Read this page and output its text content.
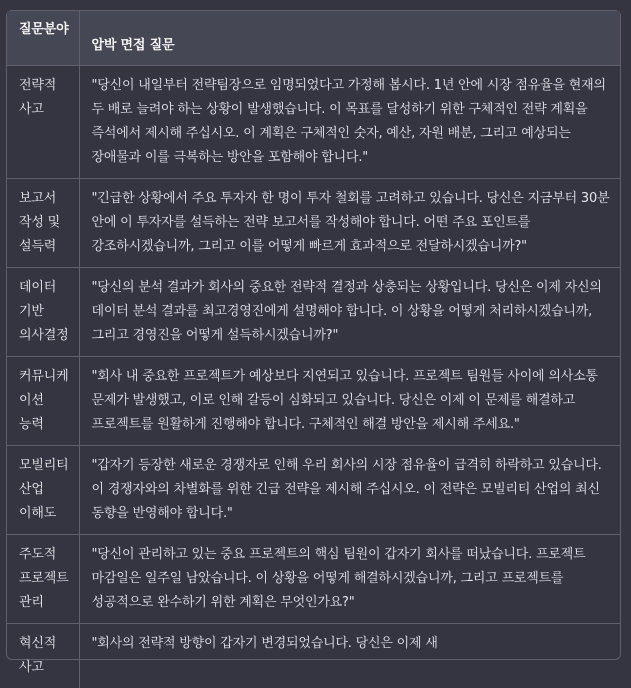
질문분야	압박 면접 질문
전략적 사고	"당신이 내일부터 전략팀장으로 임명되었다고 가정해 봅시다. 1년 안에 시장 점유율을 현재의 두 배로 늘려야 하는 상황이 발생했습니다. 이 목표를 달성하기 위한 구체적인 전략 계획을 즉석에서 제시해 주십시오. 이 계획은 구체적인 숫자, 예산, 자원 배분, 그리고 예상되는 장애물과 이를 극복하는 방안을 포함해야 합니다."
보고서 작성 및 설득력	"긴급한 상황에서 주요 투자자 한 명이 투자 철회를 고려하고 있습니다. 당신은 지금부터 30분 안에 이 투자자를 설득하는 전략 보고서를 작성해야 합니다. 어떤 주요 포인트를 강조하시겠습니까, 그리고 이를 어떻게 빠르게 효과적으로 전달하시겠습니까?"
데이터 기반 의사결정	"당신의 분석 결과가 회사의 중요한 전략적 결정과 상충되는 상황입니다. 당신은 이제 자신의 데이터 분석 결과를 최고경영진에게 설명해야 합니다. 이 상황을 어떻게 처리하시겠습니까, 그리고 경영진을 어떻게 설득하시겠습니까?"
커뮤니케이션 능력	"회사 내 중요한 프로젝트가 예상보다 지연되고 있습니다. 프로젝트 팀원들 사이에 의사소통 문제가 발생했고, 이로 인해 갈등이 심화되고 있습니다. 당신은 이제 이 문제를 해결하고 프로젝트를 원활하게 진행해야 합니다. 구체적인 해결 방안을 제시해 주세요."
모빌리티 산업 이해도	"갑자기 등장한 새로운 경쟁자로 인해 우리 회사의 시장 점유율이 급격히 하락하고 있습니다. 이 경쟁자와의 차별화를 위한 긴급 전략을 제시해 주십시오. 이 전략은 모빌리티 산업의 최신 동향을 반영해야 합니다."
주도적 프로젝트 관리	"당신이 관리하고 있는 중요 프로젝트의 핵심 팀원이 갑자기 회사를 떠났습니다. 프로젝트 마감일은 일주일 남았습니다. 이 상황을 어떻게 해결하시겠습니까, 그리고 프로젝트를 성공적으로 완수하기 위한 계획은 무엇인가요?"
혁신적 사고	"회사의 전략적 방향이 갑자기 변경되었습니다. 당신은 이제 새
